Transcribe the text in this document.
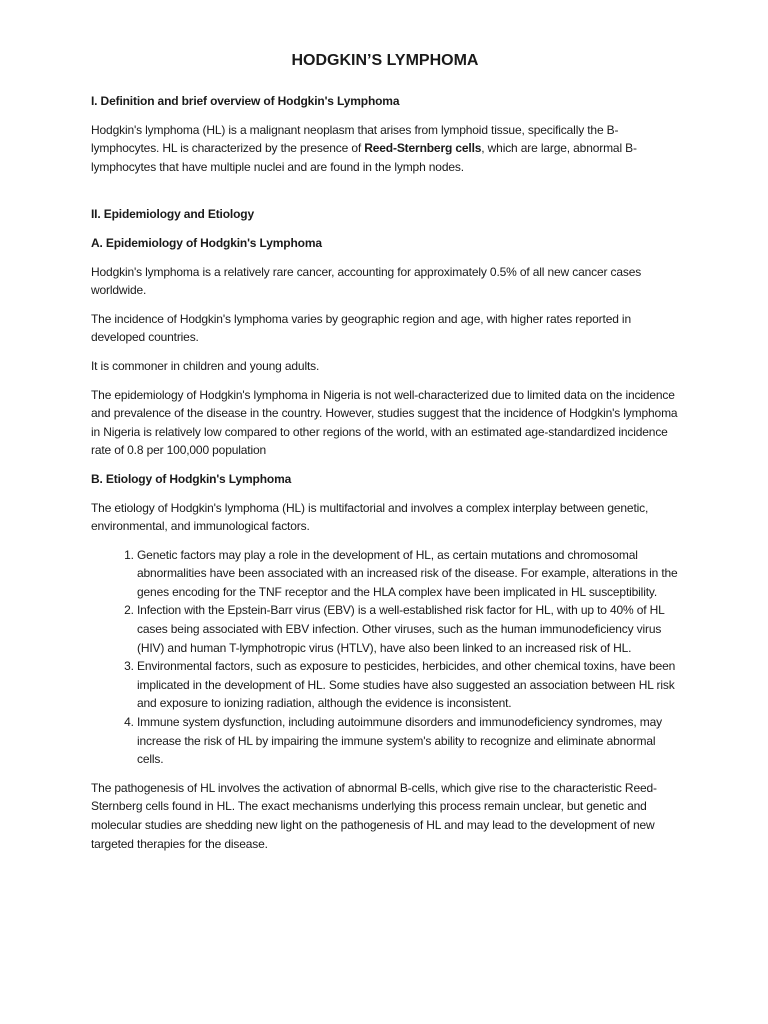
HODGKIN’S LYMPHOMA
I. Definition and brief overview of Hodgkin's Lymphoma

Hodgkin's lymphoma (HL) is a malignant neoplasm that arises from lymphoid tissue, specifically the B-lymphocytes. HL is characterized by the presence of Reed-Sternberg cells, which are large, abnormal B-lymphocytes that have multiple nuclei and are found in the lymph nodes.

II. Epidemiology and Etiology
A. Epidemiology of Hodgkin's Lymphoma

Hodgkin's lymphoma is a relatively rare cancer, accounting for approximately 0.5% of all new cancer cases worldwide.

The incidence of Hodgkin's lymphoma varies by geographic region and age, with higher rates reported in developed countries.

It is commoner in children and young adults.

The epidemiology of Hodgkin's lymphoma in Nigeria is not well-characterized due to limited data on the incidence and prevalence of the disease in the country. However, studies suggest that the incidence of Hodgkin's lymphoma in Nigeria is relatively low compared to other regions of the world, with an estimated age-standardized incidence rate of 0.8 per 100,000 population

B. Etiology of Hodgkin's Lymphoma

The etiology of Hodgkin's lymphoma (HL) is multifactorial and involves a complex interplay between genetic, environmental, and immunological factors.

1. Genetic factors may play a role in the development of HL, as certain mutations and chromosomal abnormalities have been associated with an increased risk of the disease. For example, alterations in the genes encoding for the TNF receptor and the HLA complex have been implicated in HL susceptibility.
2. Infection with the Epstein-Barr virus (EBV) is a well-established risk factor for HL, with up to 40% of HL cases being associated with EBV infection. Other viruses, such as the human immunodeficiency virus (HIV) and human T-lymphotropic virus (HTLV), have also been linked to an increased risk of HL.
3. Environmental factors, such as exposure to pesticides, herbicides, and other chemical toxins, have been implicated in the development of HL. Some studies have also suggested an association between HL risk and exposure to ionizing radiation, although the evidence is inconsistent.
4. Immune system dysfunction, including autoimmune disorders and immunodeficiency syndromes, may increase the risk of HL by impairing the immune system's ability to recognize and eliminate abnormal cells.

The pathogenesis of HL involves the activation of abnormal B-cells, which give rise to the characteristic Reed-Sternberg cells found in HL. The exact mechanisms underlying this process remain unclear, but genetic and molecular studies are shedding new light on the pathogenesis of HL and may lead to the development of new targeted therapies for the disease.
